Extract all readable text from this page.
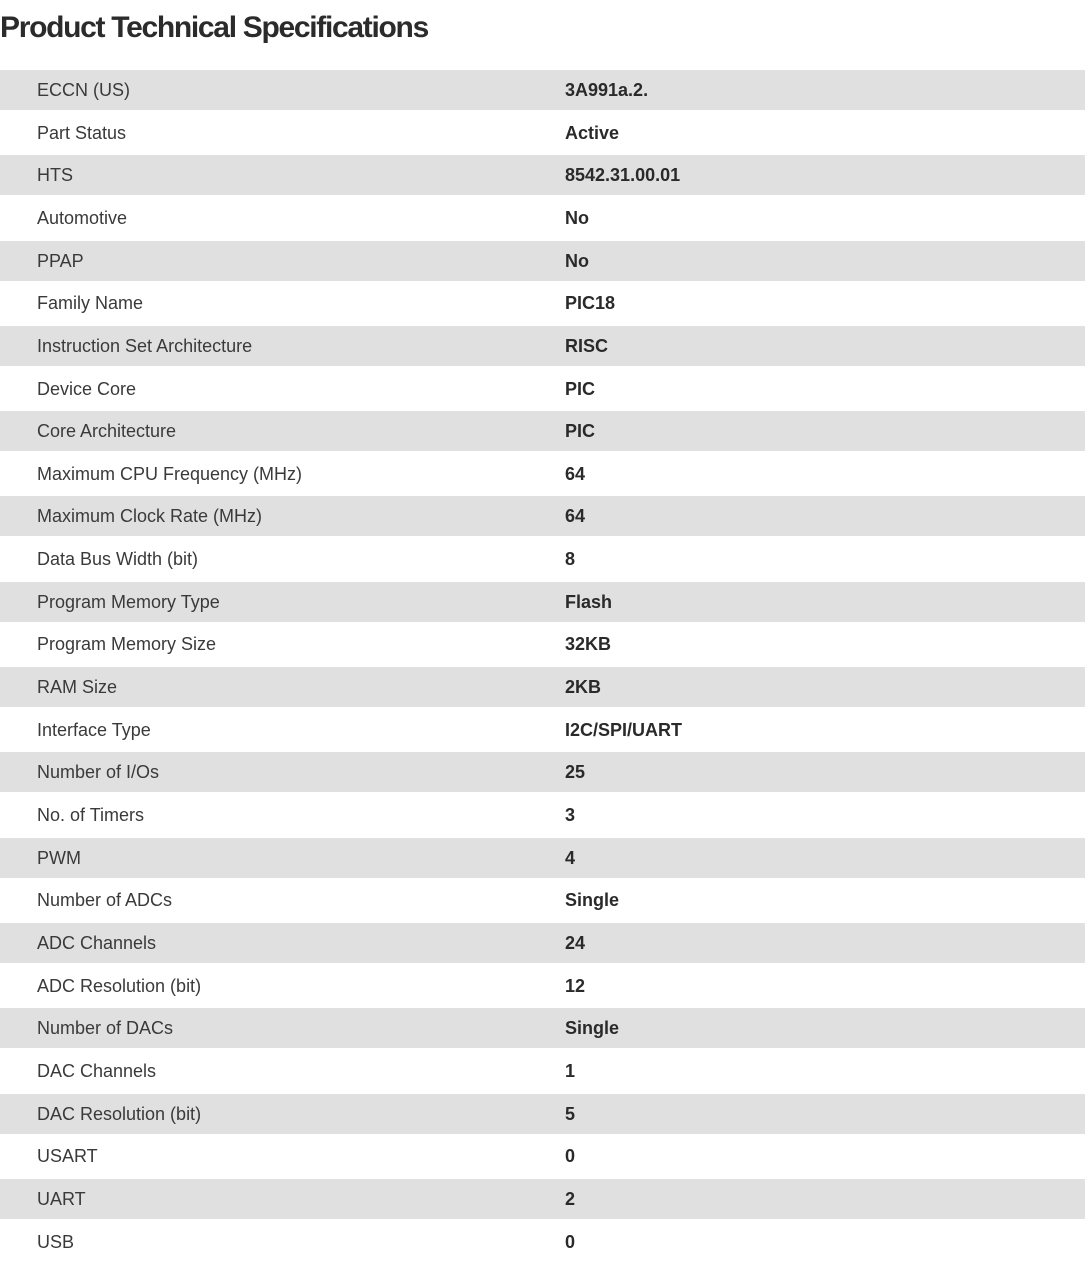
Product Technical Specifications
ECCN (US)	3A991a.2.
Part Status	Active
HTS	8542.31.00.01
Automotive	No
PPAP	No
Family Name	PIC18
Instruction Set Architecture	RISC
Device Core	PIC
Core Architecture	PIC
Maximum CPU Frequency (MHz)	64
Maximum Clock Rate (MHz)	64
Data Bus Width (bit)	8
Program Memory Type	Flash
Program Memory Size	32KB
RAM Size	2KB
Interface Type	I2C/SPI/UART
Number of I/Os	25
No. of Timers	3
PWM	4
Number of ADCs	Single
ADC Channels	24
ADC Resolution (bit)	12
Number of DACs	Single
DAC Channels	1
DAC Resolution (bit)	5
USART	0
UART	2
USB	0
